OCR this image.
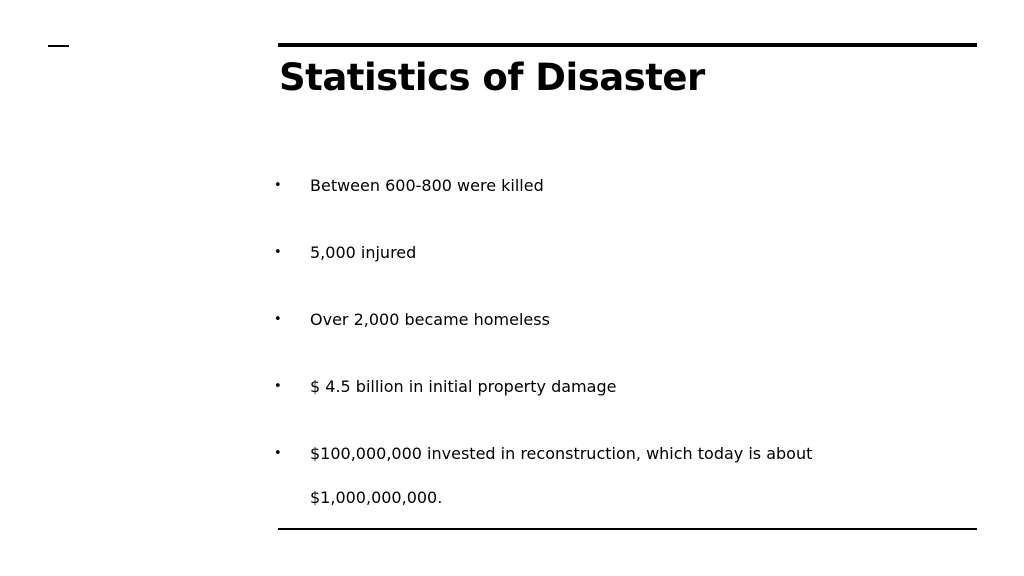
Statistics of Disaster
• Between 600-800 were killed
• 5,000 injured
• Over 2,000 became homeless
• $ 4.5 billion in initial property damage
• $100,000,000 invested in reconstruction, which today is about $1,000,000,000.
